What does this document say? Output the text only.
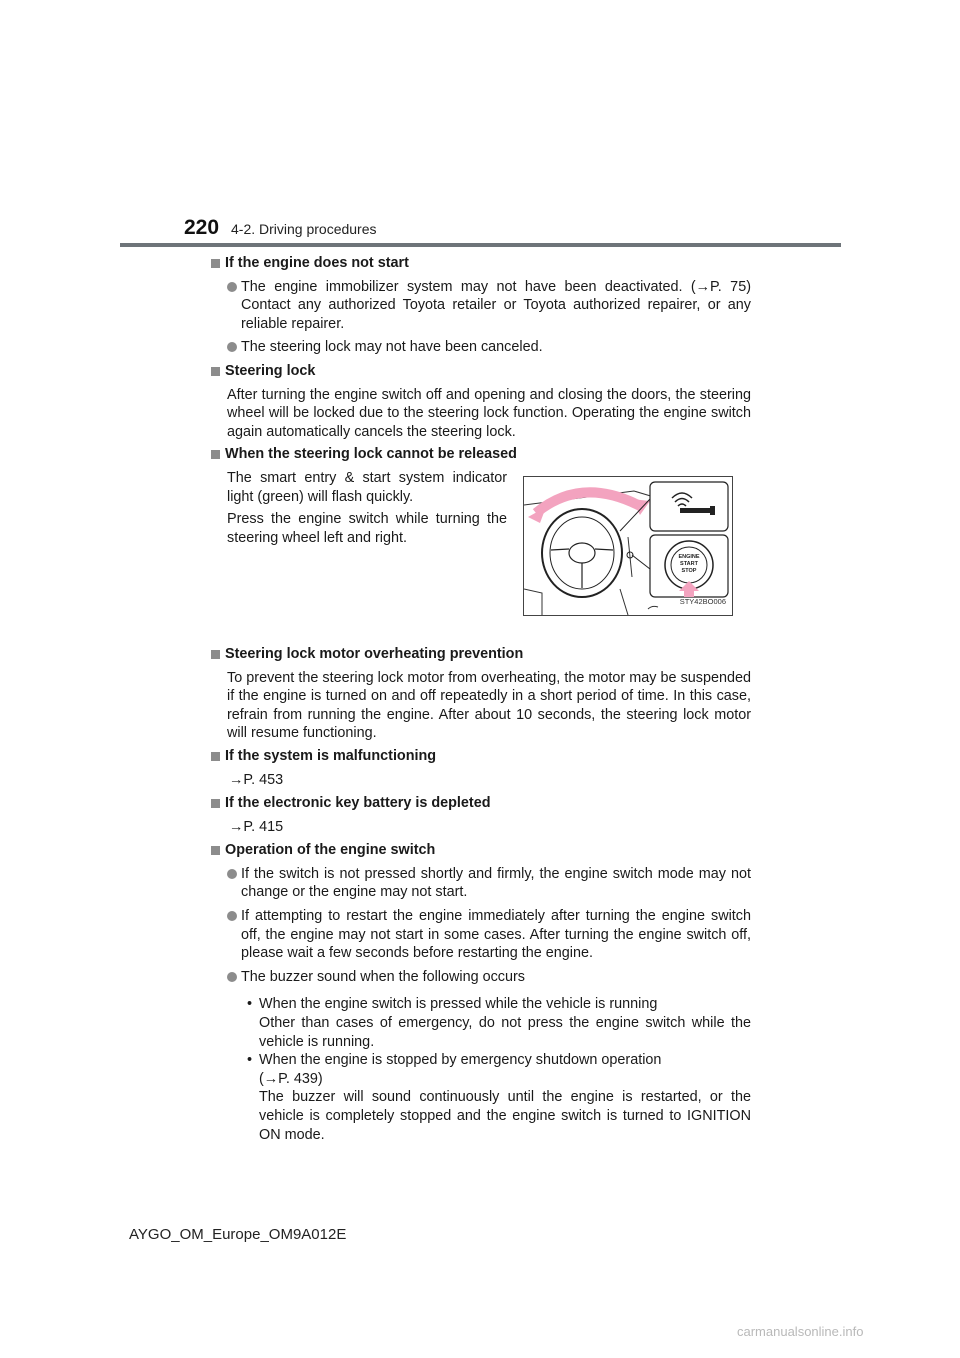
220 4-2. Driving procedures
If the engine does not start
The engine immobilizer system may not have been deactivated. (→P. 75) Contact any authorized Toyota retailer or Toyota authorized repairer, or any reliable repairer.
The steering lock may not have been canceled.
Steering lock
After turning the engine switch off and opening and closing the doors, the steering wheel will be locked due to the steering lock function. Operating the engine switch again automatically cancels the steering lock.
When the steering lock cannot be released
The smart entry & start system indicator light (green) will flash quickly.
Press the engine switch while turning the steering wheel left and right.
ENGINE
START
STOP
STY42BO006
Steering lock motor overheating prevention
To prevent the steering lock motor from overheating, the motor may be suspended if the engine is turned on and off repeatedly in a short period of time. In this case, refrain from running the engine. After about 10 seconds, the steering lock motor will resume functioning.
If the system is malfunctioning
→P. 453
If the electronic key battery is depleted
→P. 415
Operation of the engine switch
If the switch is not pressed shortly and firmly, the engine switch mode may not change or the engine may not start.
If attempting to restart the engine immediately after turning the engine switch off, the engine may not start in some cases. After turning the engine switch off, please wait a few seconds before restarting the engine.
The buzzer sound when the following occurs
• When the engine switch is pressed while the vehicle is running
Other than cases of emergency, do not press the engine switch while the vehicle is running.
• When the engine is stopped by emergency shutdown operation
(→P. 439)
The buzzer will sound continuously until the engine is restarted, or the vehicle is completely stopped and the engine switch is turned to IGNITION ON mode.
AYGO_OM_Europe_OM9A012E
carmanualsonline.info
